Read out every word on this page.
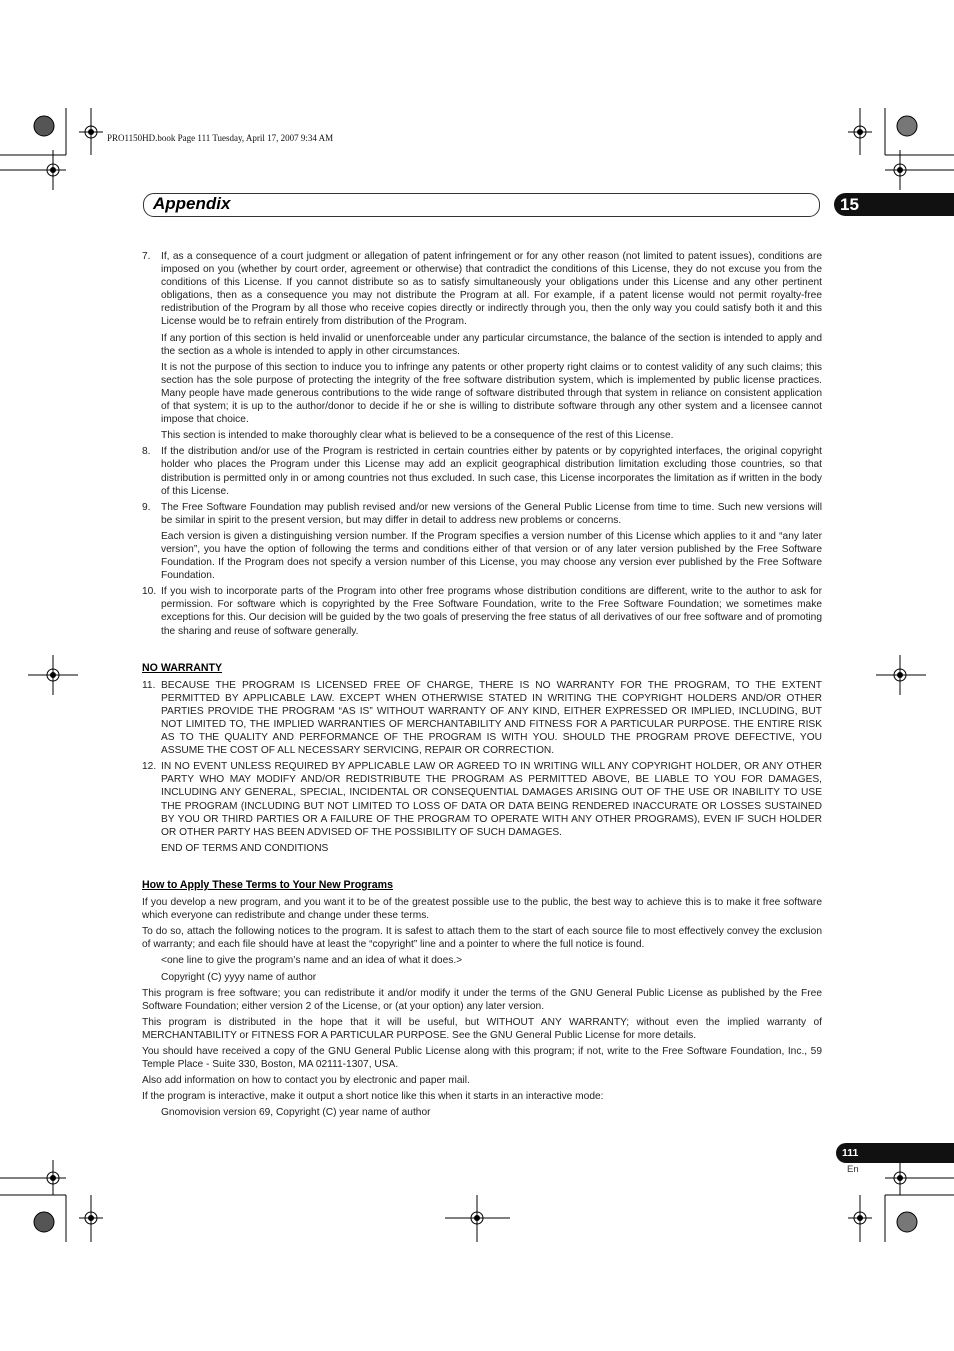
PRO1150HD.book Page 111 Tuesday, April 17, 2007 9:34 AM
Appendix	15
7.	If, as a consequence of a court judgment or allegation of patent infringement or for any other reason (not limited to patent issues), conditions are imposed on you (whether by court order, agreement or otherwise) that contradict the conditions of this License, they do not excuse you from the conditions of this License. If you cannot distribute so as to satisfy simultaneously your obligations under this License and any other pertinent obligations, then as a consequence you may not distribute the Program at all. For example, if a patent license would not permit royalty-free redistribution of the Program by all those who receive copies directly or indirectly through you, then the only way you could satisfy both it and this License would be to refrain entirely from distribution of the Program.

If any portion of this section is held invalid or unenforceable under any particular circumstance, the balance of the section is intended to apply and the section as a whole is intended to apply in other circumstances.

It is not the purpose of this section to induce you to infringe any patents or other property right claims or to contest validity of any such claims; this section has the sole purpose of protecting the integrity of the free software distribution system, which is implemented by public license practices. Many people have made generous contributions to the wide range of software distributed through that system in reliance on consistent application of that system; it is up to the author/donor to decide if he or she is willing to distribute software through any other system and a licensee cannot impose that choice.

This section is intended to make thoroughly clear what is believed to be a consequence of the rest of this License.

8.	If the distribution and/or use of the Program is restricted in certain countries either by patents or by copyrighted interfaces, the original copyright holder who places the Program under this License may add an explicit geographical distribution limitation excluding those countries, so that distribution is permitted only in or among countries not thus excluded. In such case, this License incorporates the limitation as if written in the body of this License.

9.	The Free Software Foundation may publish revised and/or new versions of the General Public License from time to time. Such new versions will be similar in spirit to the present version, but may differ in detail to address new problems or concerns.

Each version is given a distinguishing version number. If the Program specifies a version number of this License which applies to it and “any later version”, you have the option of following the terms and conditions either of that version or of any later version published by the Free Software Foundation. If the Program does not specify a version number of this License, you may choose any version ever published by the Free Software Foundation.

10. If you wish to incorporate parts of the Program into other free programs whose distribution conditions are different, write to the author to ask for permission. For software which is copyrighted by the Free Software Foundation, write to the Free Software Foundation; we sometimes make exceptions for this. Our decision will be guided by the two goals of preserving the free status of all derivatives of our free software and of promoting the sharing and reuse of software generally.

NO WARRANTY

11. BECAUSE THE PROGRAM IS LICENSED FREE OF CHARGE, THERE IS NO WARRANTY FOR THE PROGRAM, TO THE EXTENT PERMITTED BY APPLICABLE LAW. EXCEPT WHEN OTHERWISE STATED IN WRITING THE COPYRIGHT HOLDERS AND/OR OTHER PARTIES PROVIDE THE PROGRAM “AS IS” WITHOUT WARRANTY OF ANY KIND, EITHER EXPRESSED OR IMPLIED, INCLUDING, BUT NOT LIMITED TO, THE IMPLIED WARRANTIES OF MERCHANTABILITY AND FITNESS FOR A PARTICULAR PURPOSE. THE ENTIRE RISK AS TO THE QUALITY AND PERFORMANCE OF THE PROGRAM IS WITH YOU. SHOULD THE PROGRAM PROVE DEFECTIVE, YOU ASSUME THE COST OF ALL NECESSARY SERVICING, REPAIR OR CORRECTION.

12. IN NO EVENT UNLESS REQUIRED BY APPLICABLE LAW OR AGREED TO IN WRITING WILL ANY COPYRIGHT HOLDER, OR ANY OTHER PARTY WHO MAY MODIFY AND/OR REDISTRIBUTE THE PROGRAM AS PERMITTED ABOVE, BE LIABLE TO YOU FOR DAMAGES, INCLUDING ANY GENERAL, SPECIAL, INCIDENTAL OR CONSEQUENTIAL DAMAGES ARISING OUT OF THE USE OR INABILITY TO USE THE PROGRAM (INCLUDING BUT NOT LIMITED TO LOSS OF DATA OR DATA BEING RENDERED INACCURATE OR LOSSES SUSTAINED BY YOU OR THIRD PARTIES OR A FAILURE OF THE PROGRAM TO OPERATE WITH ANY OTHER PROGRAMS), EVEN IF SUCH HOLDER OR OTHER PARTY HAS BEEN ADVISED OF THE POSSIBILITY OF SUCH DAMAGES.

END OF TERMS AND CONDITIONS

How to Apply These Terms to Your New Programs

If you develop a new program, and you want it to be of the greatest possible use to the public, the best way to achieve this is to make it free software which everyone can redistribute and change under these terms.

To do so, attach the following notices to the program. It is safest to attach them to the start of each source file to most effectively convey the exclusion of warranty; and each file should have at least the “copyright” line and a pointer to where the full notice is found.

<one line to give the program’s name and an idea of what it does.>

Copyright (C) yyyy name of author

This program is free software; you can redistribute it and/or modify it under the terms of the GNU General Public License as published by the Free Software Foundation; either version 2 of the License, or (at your option) any later version.

This program is distributed in the hope that it will be useful, but WITHOUT ANY WARRANTY; without even the implied warranty of MERCHANTABILITY or FITNESS FOR A PARTICULAR PURPOSE. See the GNU General Public License for more details.

You should have received a copy of the GNU General Public License along with this program; if not, write to the Free Software Foundation, Inc., 59 Temple Place - Suite 330, Boston, MA 02111-1307, USA.

Also add information on how to contact you by electronic and paper mail.

If the program is interactive, make it output a short notice like this when it starts in an interactive mode:

Gnomovision version 69, Copyright (C) year name of author

111
En
